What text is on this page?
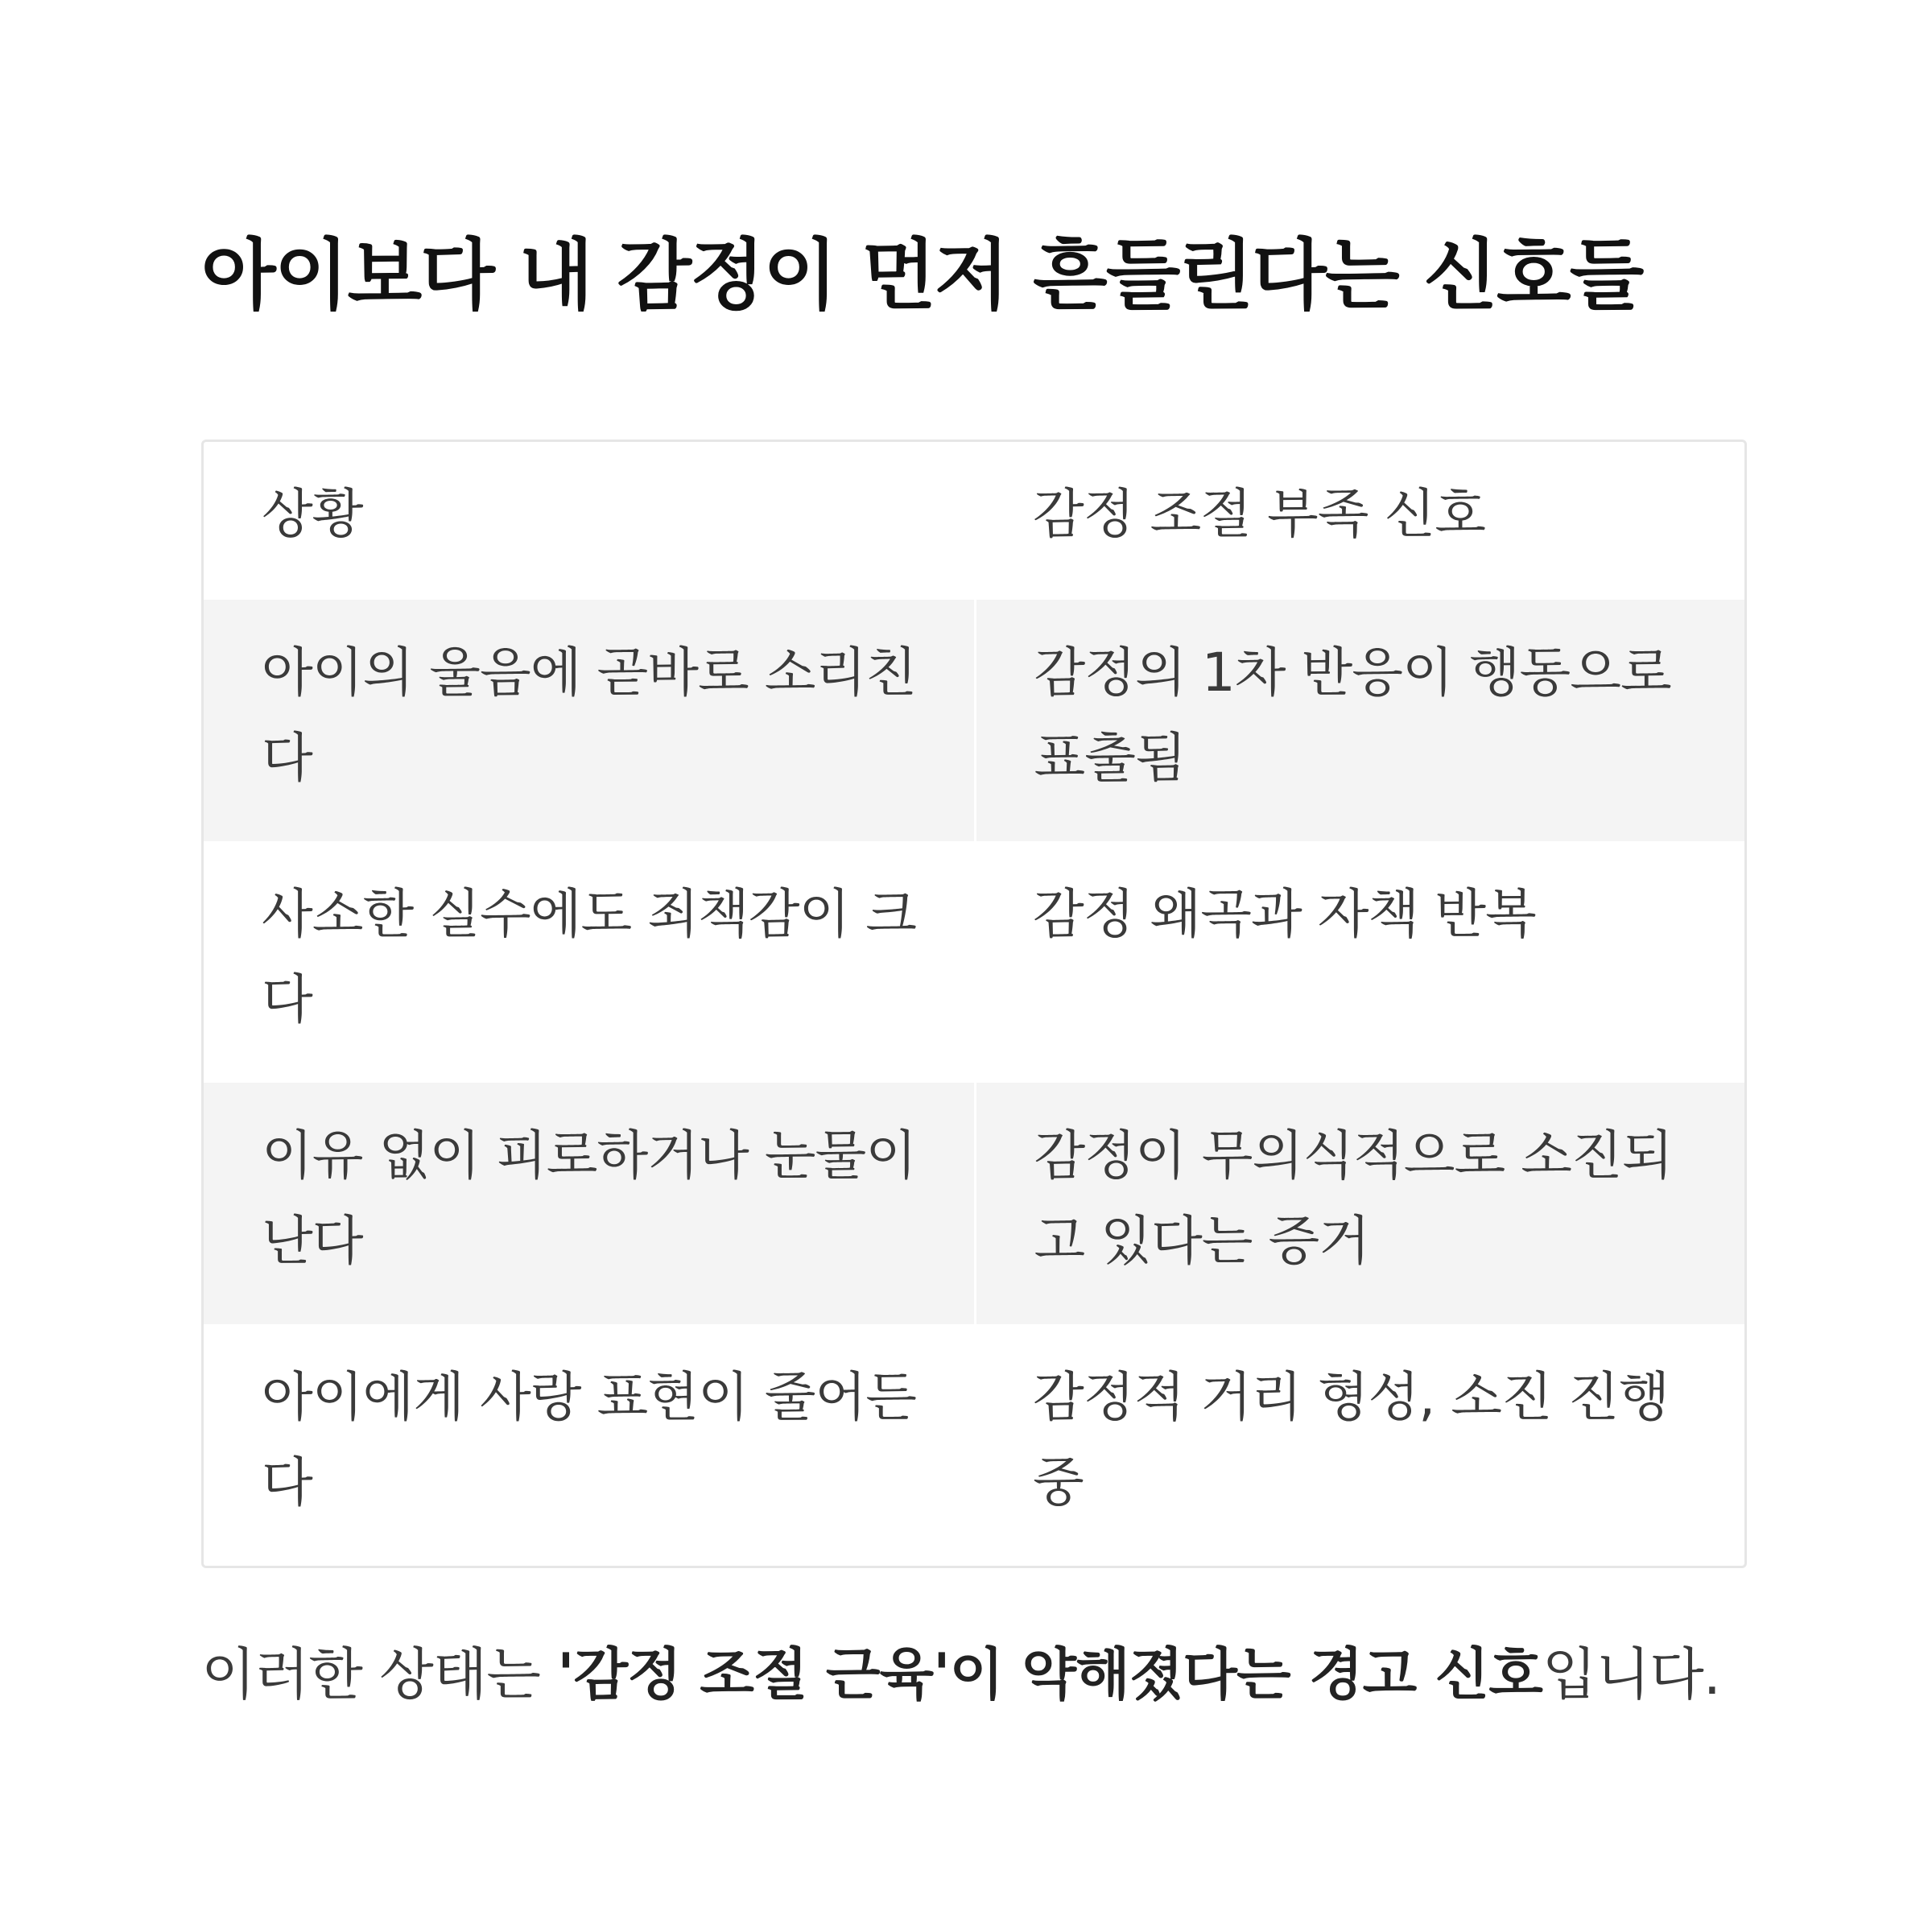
아이보다 내 감정이 먼저 흔들린다는 신호들
상황	감정 조절 부족 신호
아이의 울음에 곧바로 소리친다	감정의 1차 반응이 행동으로 표출됨
사소한 실수에도 죄책감이 크다	감정 왜곡과 자책 반복
이유 없이 피로하거나 눈물이 난다	감정이 무의식적으로 소진되고 있다는 증거
아이에게 사랑 표현이 줄어든다	감정적 거리 형성, 소진 진행 중

이러한 상태는 '감정 조절 근육'이 약해졌다는 경고 신호입니다.
